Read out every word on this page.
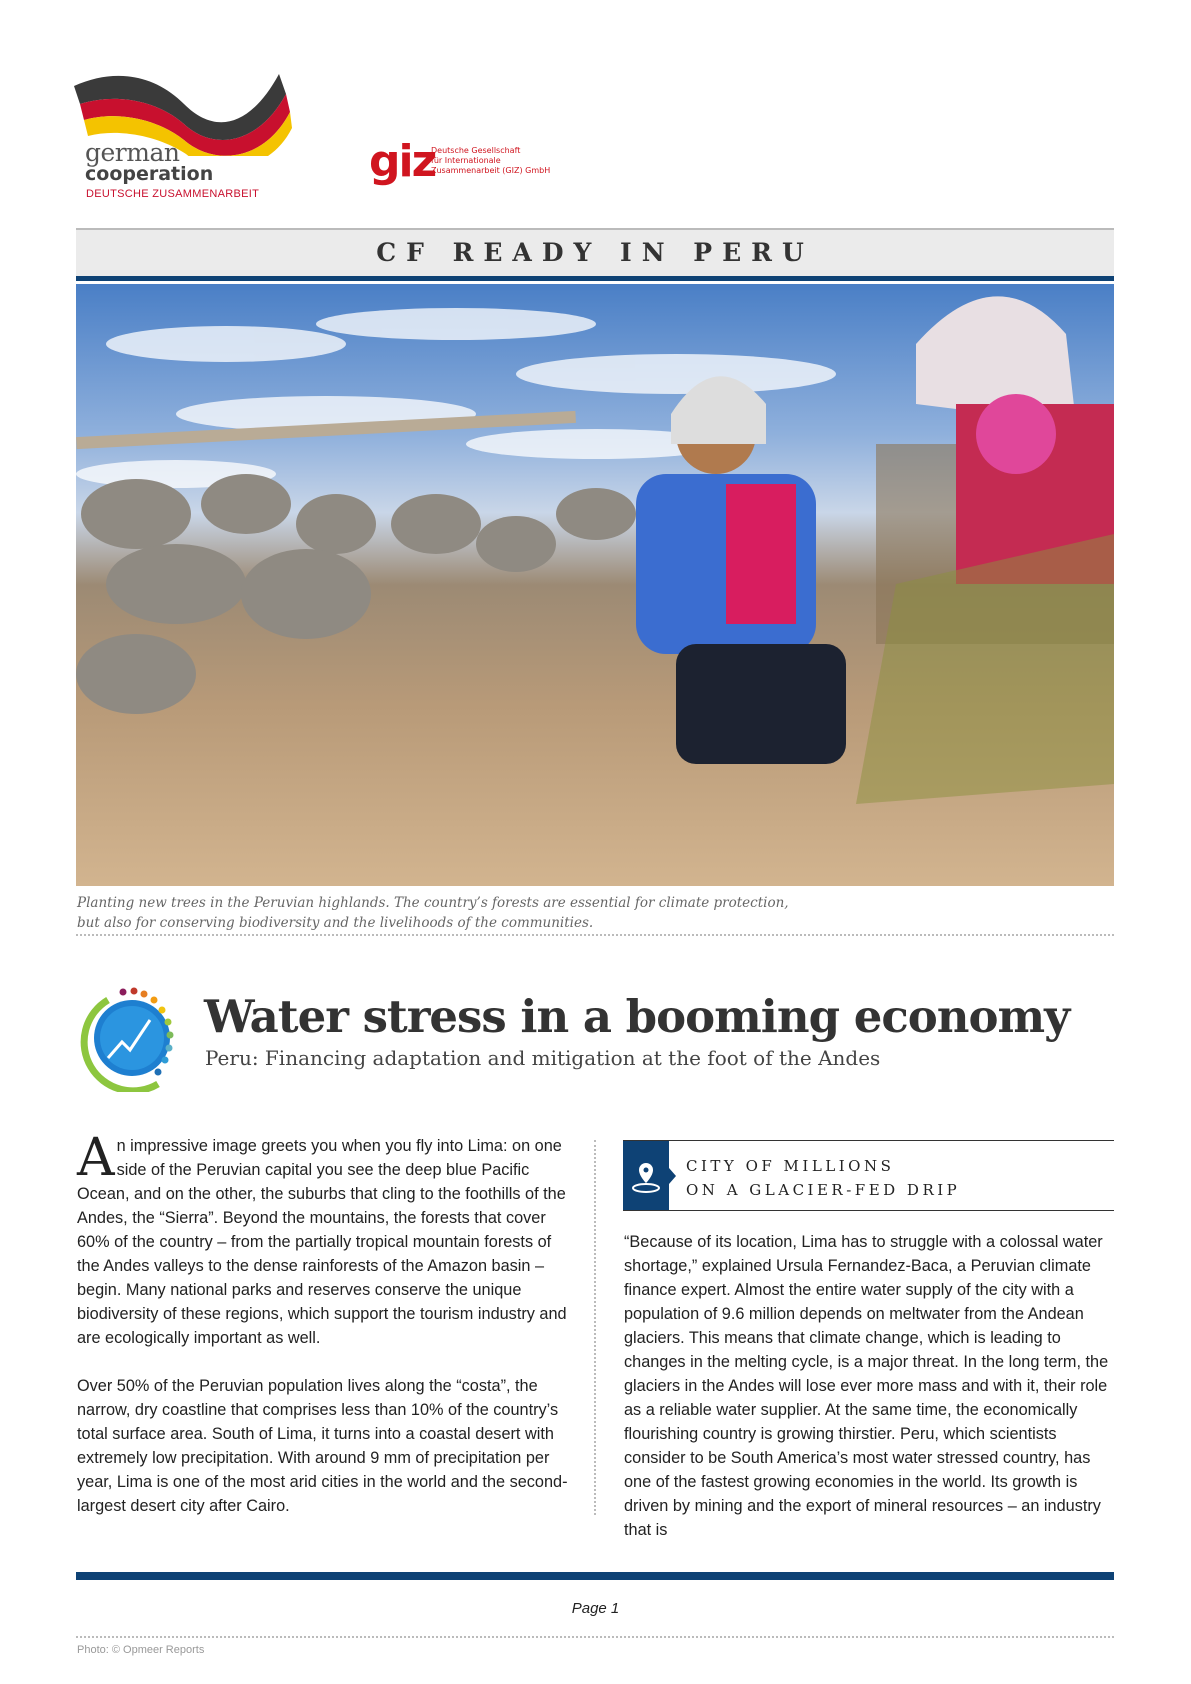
german
cooperation
DEUTSCHE ZUSAMMENARBEIT
giz
Deutsche Gesellschaft
für Internationale
Zusammenarbeit (GIZ) GmbH
CF READY IN PERU
Planting new trees in the Peruvian highlands. The country’s forests are essential for climate protection,
but also for conserving biodiversity and the livelihoods of the communities.
Water stress in a booming economy
Peru: Financing adaptation and mitigation at the foot of the Andes

An impressive image greets you when you fly into Lima: on one side of the Peruvian capital you see the deep blue Pacific Ocean, and on the other, the suburbs that cling to the foothills of the Andes, the “Sierra”. Beyond the mountains, the forests that cover 60% of the country – from the partially tropical mountain forests of the Andes valleys to the dense rainforests of the Amazon basin – begin. Many national parks and reserves conserve the unique biodiversity of these regions, which support the tourism industry and are ecologically important as well.

Over 50% of the Peruvian population lives along the “costa”, the narrow, dry coastline that comprises less than 10% of the country’s total surface area. South of Lima, it turns into a coastal desert with extremely low precipitation. With around 9 mm of precipitation per year, Lima is one of the most arid cities in the world and the second-largest desert city after Cairo.

CITY OF MILLIONS
ON A GLACIER-FED DRIP

“Because of its location, Lima has to struggle with a colossal water shortage,” explained Ursula Fernandez-Baca, a Peruvian climate finance expert. Almost the entire water supply of the city with a population of 9.6 million depends on meltwater from the Andean glaciers. This means that climate change, which is leading to changes in the melting cycle, is a major threat. In the long term, the glaciers in the Andes will lose ever more mass and with it, their role as a reliable water supplier. At the same time, the economically flourishing country is growing thirstier. Peru, which scientists consider to be South America’s most water stressed country, has one of the fastest growing economies in the world. Its growth is driven by mining and the export of mineral resources – an industry that is

Page 1
Photo: © Opmeer Reports
